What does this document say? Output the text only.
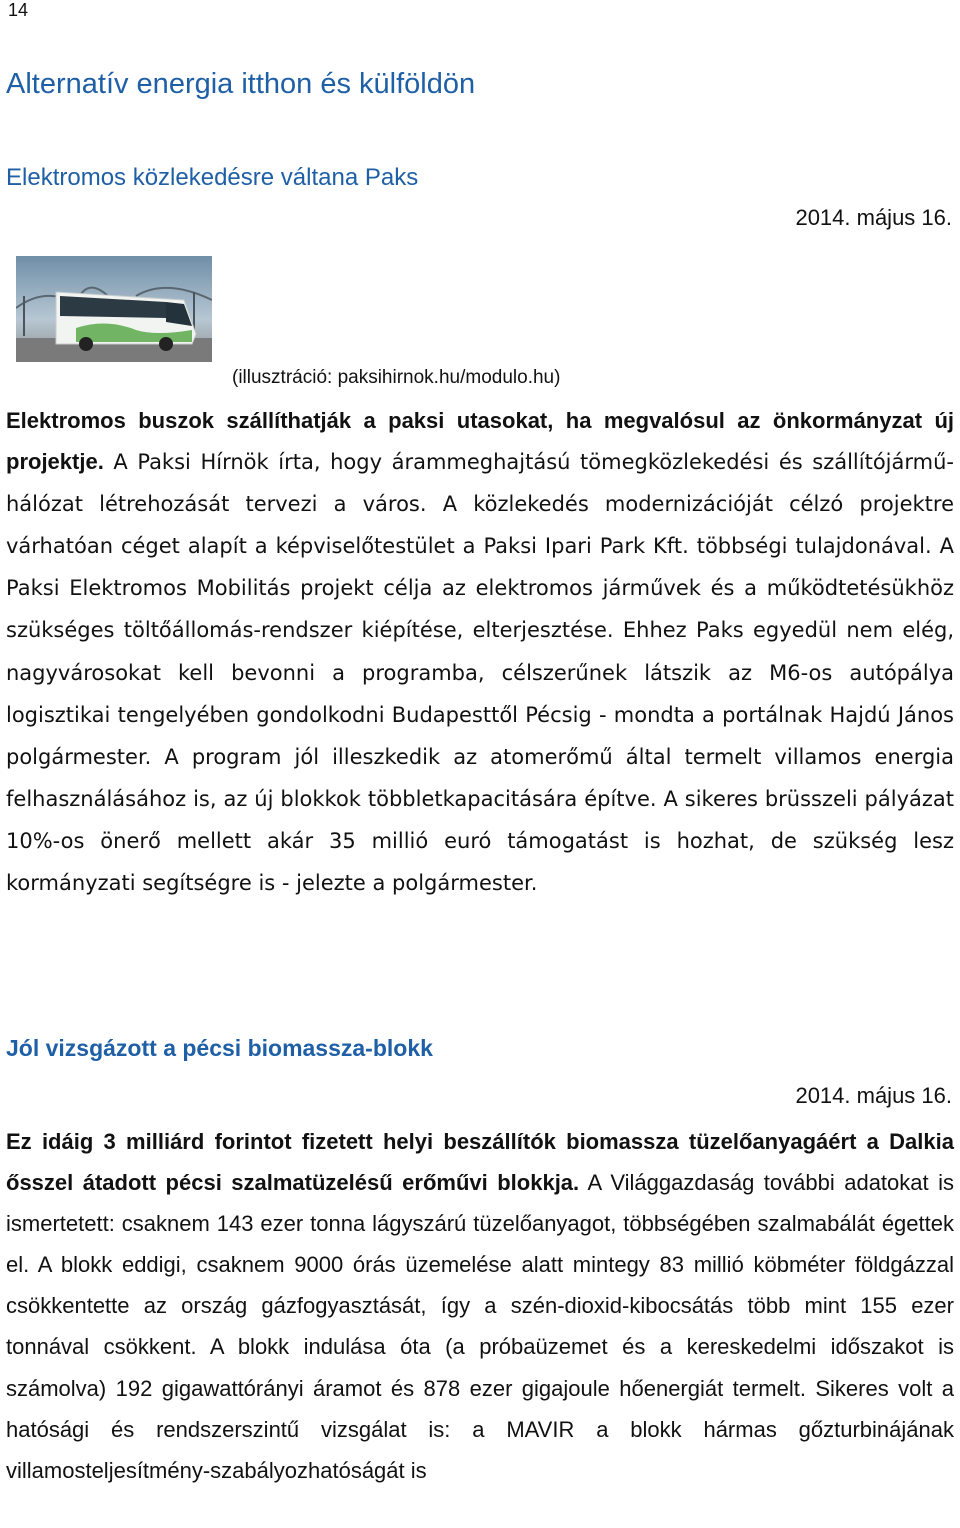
14
Alternatív energia itthon és külföldön
Elektromos közlekedésre váltana Paks
2014. május 16.
(illusztráció: paksihirnok.hu/modulo.hu)

Elektromos buszok szállíthatják a paksi utasokat, ha megvalósul az önkormányzat új projektje. A Paksi Hírnök írta, hogy árammeghajtású tömegközlekedési és szállítójármű-hálózat létrehozását tervezi a város. A közlekedés modernizációját célzó projektre várhatóan céget alapít a képviselőtestület a Paksi Ipari Park Kft. többségi tulajdonával. A Paksi Elektromos Mobilitás projekt célja az elektromos járművek és a működtetésükhöz szükséges töltőállomás-rendszer kiépítése, elterjesztése. Ehhez Paks egyedül nem elég, nagyvárosokat kell bevonni a programba, célszerűnek látszik az M6-os autópálya logisztikai tengelyében gondolkodni Budapesttől Pécsig - mondta a portálnak Hajdú János polgármester. A program jól illeszkedik az atomerőmű által termelt villamos energia felhasználásához is, az új blokkok többletkapacitására építve. A sikeres brüsszeli pályázat 10%-os önerő mellett akár 35 millió euró támogatást is hozhat, de szükség lesz kormányzati segítségre is - jelezte a polgármester.

Jól vizsgázott a pécsi biomassza-blokk
2014. május 16.

Ez idáig 3 milliárd forintot fizetett helyi beszállítók biomassza tüzelőanyagáért a Dalkia ősszel átadott pécsi szalmatüzelésű erőművi blokkja. A Világgazdaság további adatokat is ismertetett: csaknem 143 ezer tonna lágyszárú tüzelőanyagot, többségében szalmabálát égettek el. A blokk eddigi, csaknem 9000 órás üzemelése alatt mintegy 83 millió köbméter földgázzal csökkentette az ország gázfogyasztását, így a szén-dioxid-kibocsátás több mint 155 ezer tonnával csökkent. A blokk indulása óta (a próbaüzemet és a kereskedelmi időszakot is számolva) 192 gigawattórányi áramot és 878 ezer gigajoule hőenergiát termelt. Sikeres volt a hatósági és rendszerszintű vizsgálat is: a MAVIR a blokk hármas gőzturbinájának villamosteljesítmény-szabályozhatóságát is
